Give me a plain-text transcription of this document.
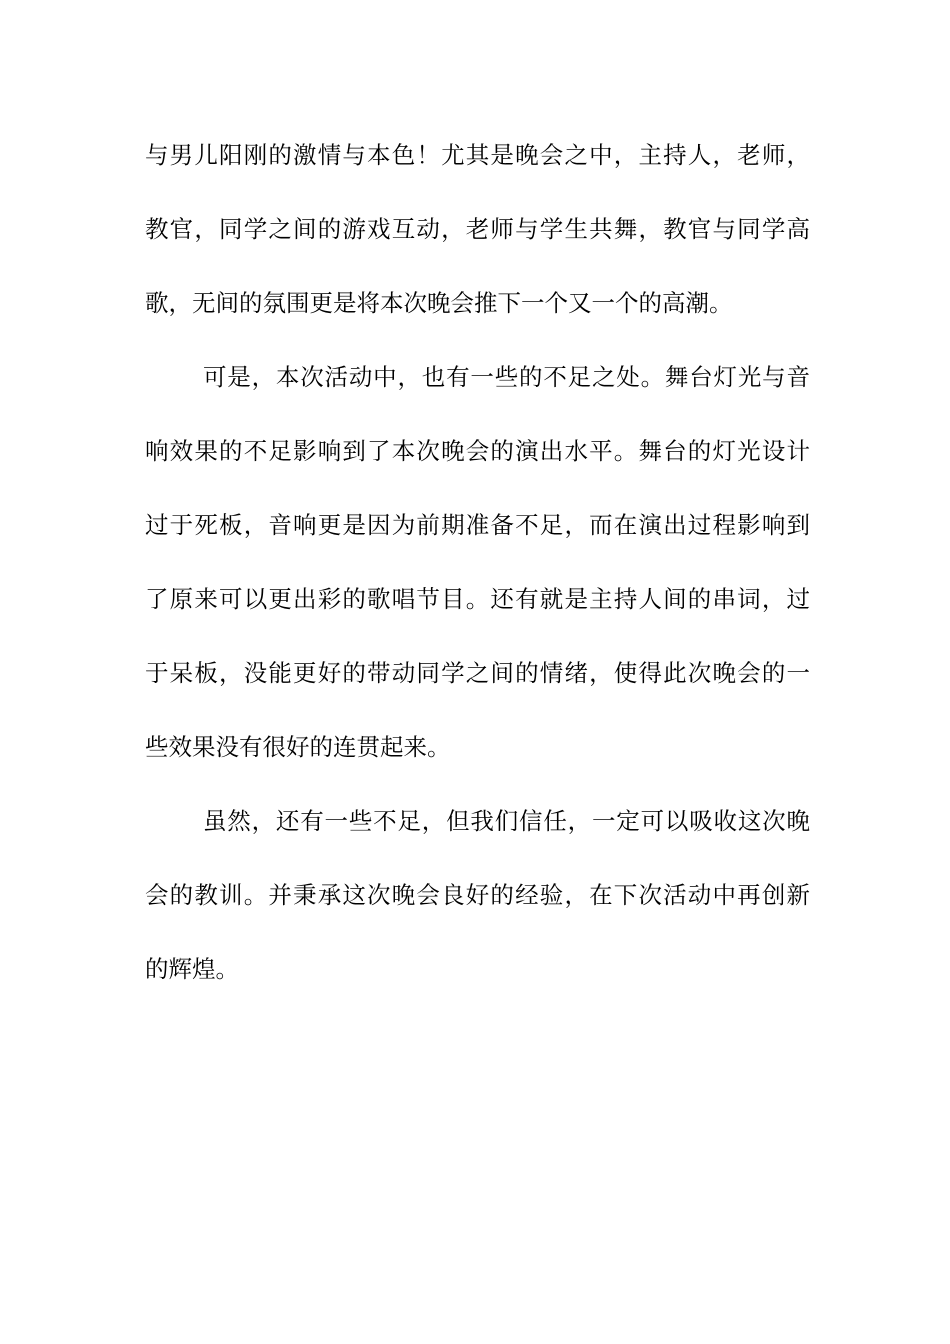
与男儿阳刚的激情与本色！尤其是晚会之中，主持人，老师，
教官，同学之间的游戏互动，老师与学生共舞，教官与同学高
歌，无间的氛围更是将本次晚会推下一个又一个的高潮。
可是，本次活动中，也有一些的不足之处。舞台灯光与音
响效果的不足影响到了本次晚会的演出水平。舞台的灯光设计
过于死板，音响更是因为前期准备不足，而在演出过程影响到
了原来可以更出彩的歌唱节目。还有就是主持人间的串词，过
于呆板，没能更好的带动同学之间的情绪，使得此次晚会的一
些效果没有很好的连贯起来。
虽然，还有一些不足，但我们信任，一定可以吸收这次晚
会的教训。并秉承这次晚会良好的经验，在下次活动中再创新
的辉煌。
